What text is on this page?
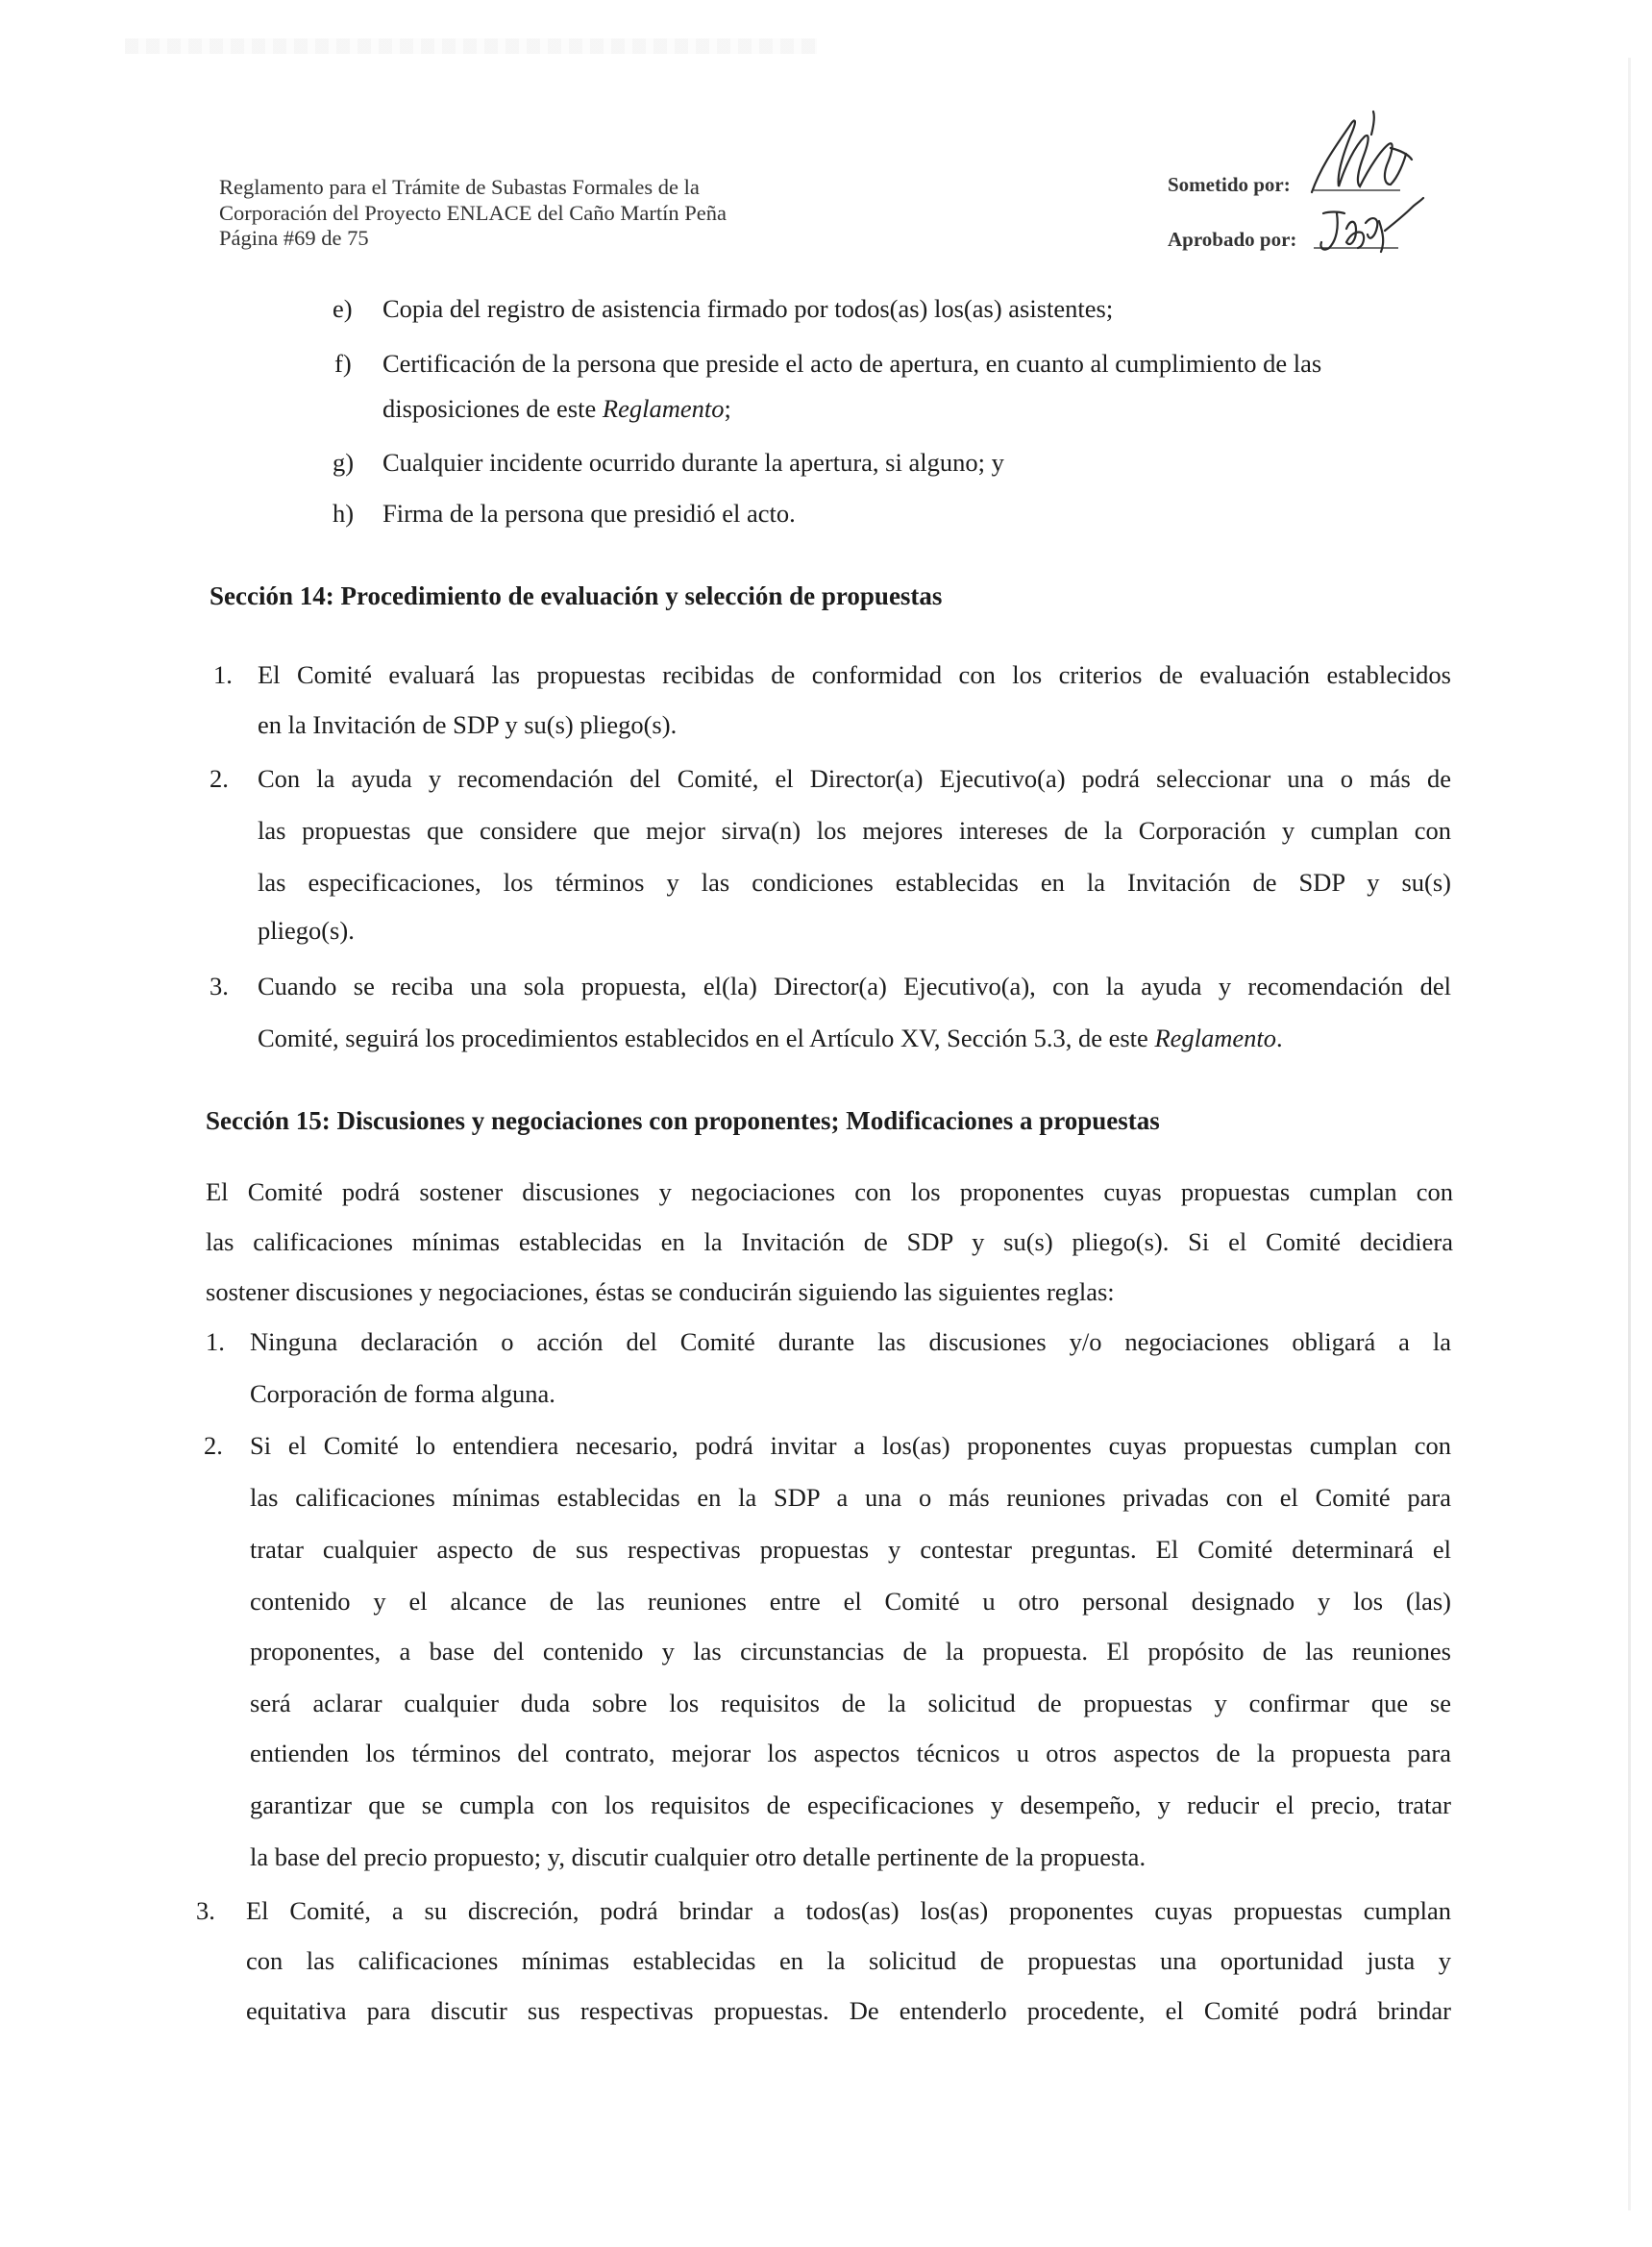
Reglamento para el Trámite de Subastas Formales de la
Corporación del Proyecto ENLACE del Caño Martín Peña
Página #69 de 75
Sometido por:
Aprobado por:
e) Copia del registro de asistencia firmado por todos(as) los(as) asistentes;
f) Certificación de la persona que preside el acto de apertura, en cuanto al cumplimiento de las
disposiciones de este Reglamento;
g) Cualquier incidente ocurrido durante la apertura, si alguno; y
h) Firma de la persona que presidió el acto.
Sección 14: Procedimiento de evaluación y selección de propuestas
1. El Comité evaluará las propuestas recibidas de conformidad con los criterios de evaluación establecidos
en la Invitación de SDP y su(s) pliego(s).
2. Con la ayuda y recomendación del Comité, el Director(a) Ejecutivo(a) podrá seleccionar una o más de
las propuestas que considere que mejor sirva(n) los mejores intereses de la Corporación y cumplan con
las especificaciones, los términos y las condiciones establecidas en la Invitación de SDP y su(s)
pliego(s).
3. Cuando se reciba una sola propuesta, el(la) Director(a) Ejecutivo(a), con la ayuda y recomendación del
Comité, seguirá los procedimientos establecidos en el Artículo XV, Sección 5.3, de este Reglamento.
Sección 15: Discusiones y negociaciones con proponentes; Modificaciones a propuestas
El Comité podrá sostener discusiones y negociaciones con los proponentes cuyas propuestas cumplan con
las calificaciones mínimas establecidas en la Invitación de SDP y su(s) pliego(s). Si el Comité decidiera
sostener discusiones y negociaciones, éstas se conducirán siguiendo las siguientes reglas:
1. Ninguna declaración o acción del Comité durante las discusiones y/o negociaciones obligará a la
Corporación de forma alguna.
2. Si el Comité lo entendiera necesario, podrá invitar a los(as) proponentes cuyas propuestas cumplan con
las calificaciones mínimas establecidas en la SDP a una o más reuniones privadas con el Comité para
tratar cualquier aspecto de sus respectivas propuestas y contestar preguntas. El Comité determinará el
contenido y el alcance de las reuniones entre el Comité u otro personal designado y los (las)
proponentes, a base del contenido y las circunstancias de la propuesta. El propósito de las reuniones
será aclarar cualquier duda sobre los requisitos de la solicitud de propuestas y confirmar que se
entienden los términos del contrato, mejorar los aspectos técnicos u otros aspectos de la propuesta para
garantizar que se cumpla con los requisitos de especificaciones y desempeño, y reducir el precio, tratar
la base del precio propuesto; y, discutir cualquier otro detalle pertinente de la propuesta.
3. El Comité, a su discreción, podrá brindar a todos(as) los(as) proponentes cuyas propuestas cumplan
con las calificaciones mínimas establecidas en la solicitud de propuestas una oportunidad justa y
equitativa para discutir sus respectivas propuestas. De entenderlo procedente, el Comité podrá brindar
